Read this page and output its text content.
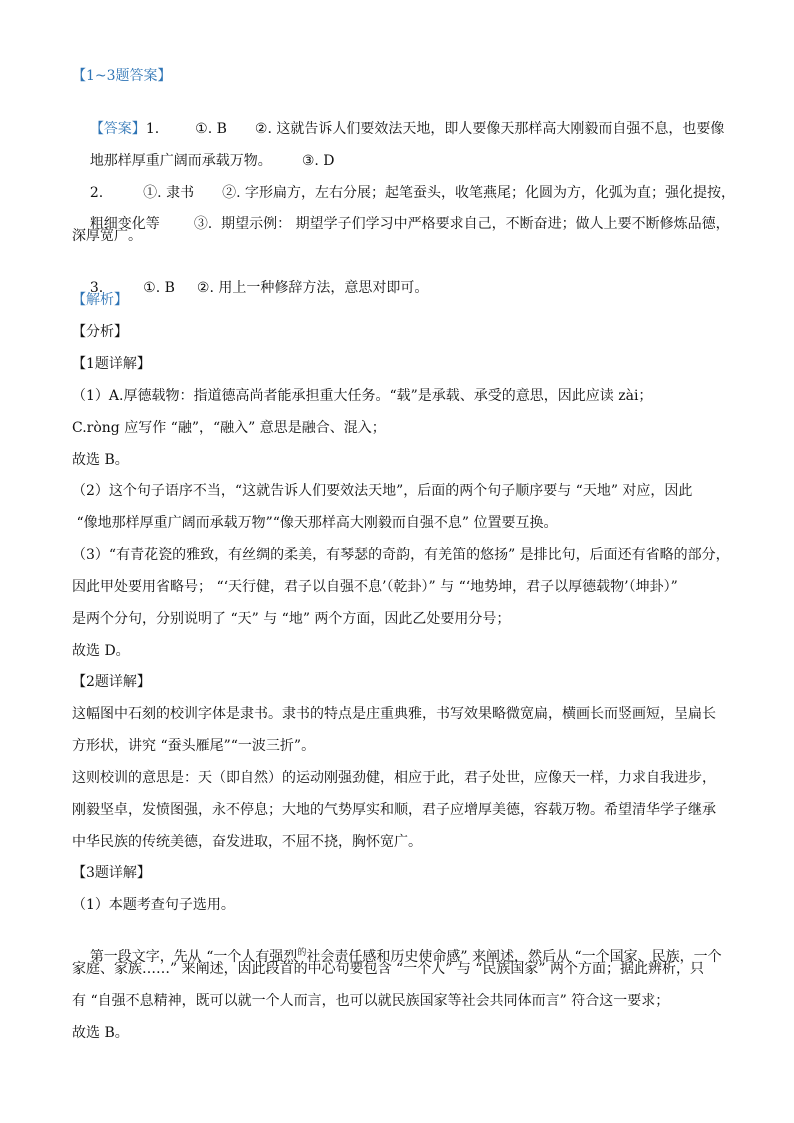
【1~3题答案】

【答案】1.	①. B ②. 这就告诉人们要效法天地，即人要像天那样高大刚毅而自强不息，也要像

地那样厚重广阔而承载万物。 ③. D

2.	①. 隶书 ②. 字形扁方，左右分展；起笔蚕头，收笔燕尾；化圆为方，化弧为直；强化提按，

粗细变化等 ③.  期望示例： 期望学子们学习中严格要求自己，不断奋进；做人上要不断修炼品德，

深厚宽广。

3.	①. B ②. 用上一种修辞方法，意思对即可。

【解析】
【分析】
【1题详解】
（1）A.厚德载物：指道德高尚者能承担重大任务。“载”是承载、承受的意思，因此应读 zài；
C.ròng 应写作 “融”，“融入” 意思是融合、混入；
故选 B。
（2）这个句子语序不当，“这就告诉人们要效法天地”，后面的两个句子顺序要与 “天地” 对应，因此
“像地那样厚重广阔而承载万物”“像天那样高大刚毅而自强不息” 位置要互换。
（3）“有青花瓷的雅致，有丝绸的柔美，有琴瑟的奇韵，有羌笛的悠扬” 是排比句，后面还有省略的部分，
因此甲处要用省略号； “‘天行健，君子以自强不息’（乾卦）” 与 “‘地势坤，君子以厚德载物’（坤卦）”
是两个分句，分别说明了 “天” 与 “地” 两个方面，因此乙处要用分号；
故选 D。
【2题详解】
这幅图中石刻的校训字体是隶书。隶书的特点是庄重典雅，书写效果略微宽扁，横画长而竖画短，呈扁长
方形状，讲究 “蚕头雁尾”“一波三折”。
这则校训的意思是：天（即自然）的运动刚强劲健，相应于此，君子处世，应像天一样，力求自我进步，
刚毅坚卓，发愤图强，永不停息；大地的气势厚实和顺，君子应增厚美德，容载万物。希望清华学子继承
中华民族的传统美德，奋发进取，不屈不挠，胸怀宽广。
【3题详解】
（1）本题考查句子选用。

第一段文字，先从 “一个人有强烈$^的$社会责任感和历史使命感” 来阐述，然后从 “一个国家、民族，一个

家庭、家族……” 来阐述，因此段首的中心句要包含 “一个人” 与 “民族国家” 两个方面；据此辨析，只
有 “自强不息精神，既可以就一个人而言，也可以就民族国家等社会共同体而言” 符合这一要求；
故选 B。
